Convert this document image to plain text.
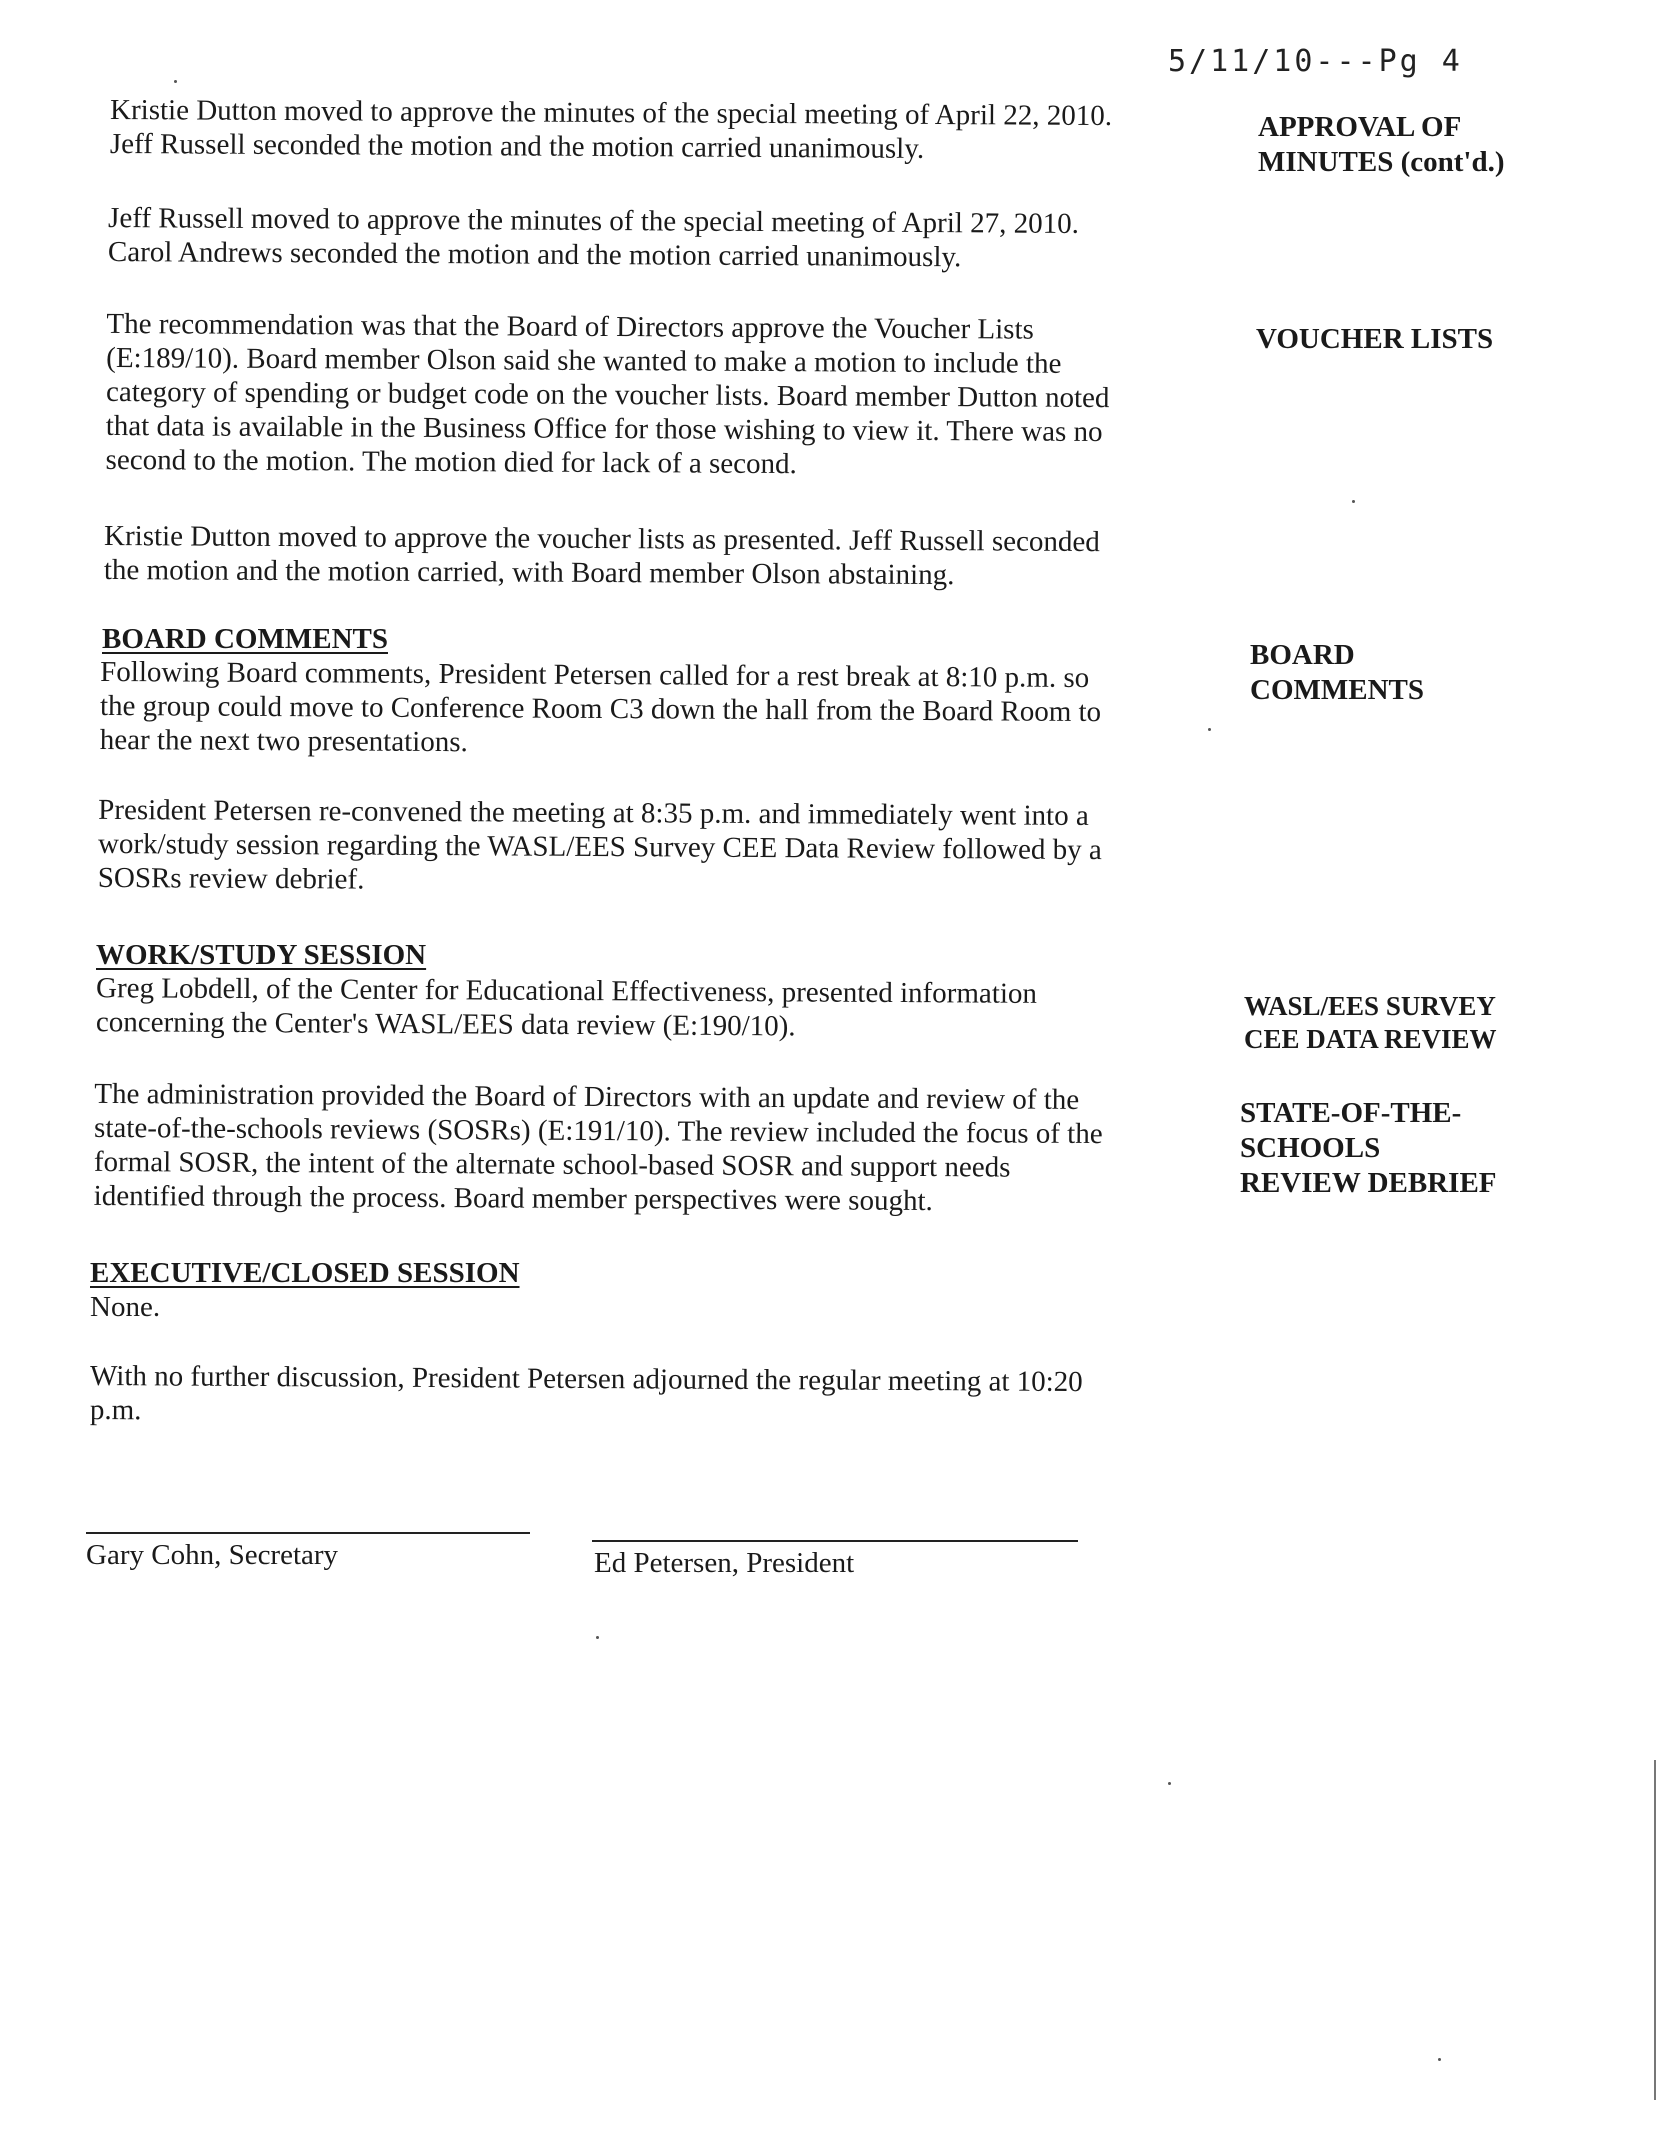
5/11/10---Pg 4

Kristie Dutton moved to approve the minutes of the special meeting of April 22, 2010.
Jeff Russell seconded the motion and the motion carried unanimously.

Jeff Russell moved to approve the minutes of the special meeting of April 27, 2010.
Carol Andrews seconded the motion and the motion carried unanimously.

The recommendation was that the Board of Directors approve the Voucher Lists
(E:189/10). Board member Olson said she wanted to make a motion to include the
category of spending or budget code on the voucher lists. Board member Dutton noted
that data is available in the Business Office for those wishing to view it. There was no
second to the motion. The motion died for lack of a second.

Kristie Dutton moved to approve the voucher lists as presented. Jeff Russell seconded
the motion and the motion carried, with Board member Olson abstaining.

BOARD COMMENTS

Following Board comments, President Petersen called for a rest break at 8:10 p.m. so
the group could move to Conference Room C3 down the hall from the Board Room to
hear the next two presentations.

President Petersen re-convened the meeting at 8:35 p.m. and immediately went into a
work/study session regarding the WASL/EES Survey CEE Data Review followed by a
SOSRs review debrief.

WORK/STUDY SESSION

Greg Lobdell, of the Center for Educational Effectiveness, presented information
concerning the Center's WASL/EES data review (E:190/10).

The administration provided the Board of Directors with an update and review of the
state-of-the-schools reviews (SOSRs) (E:191/10). The review included the focus of the
formal SOSR, the intent of the alternate school-based SOSR and support needs
identified through the process. Board member perspectives were sought.

EXECUTIVE/CLOSED SESSION

None.

With no further discussion, President Petersen adjourned the regular meeting at 10:20
p.m.

APPROVAL OF
MINUTES (cont'd.)

VOUCHER LISTS

BOARD
COMMENTS

WASL/EES SURVEY
CEE DATA REVIEW

STATE-OF-THE-
SCHOOLS
REVIEW DEBRIEF

Gary Cohn, Secretary	Ed Petersen, President
